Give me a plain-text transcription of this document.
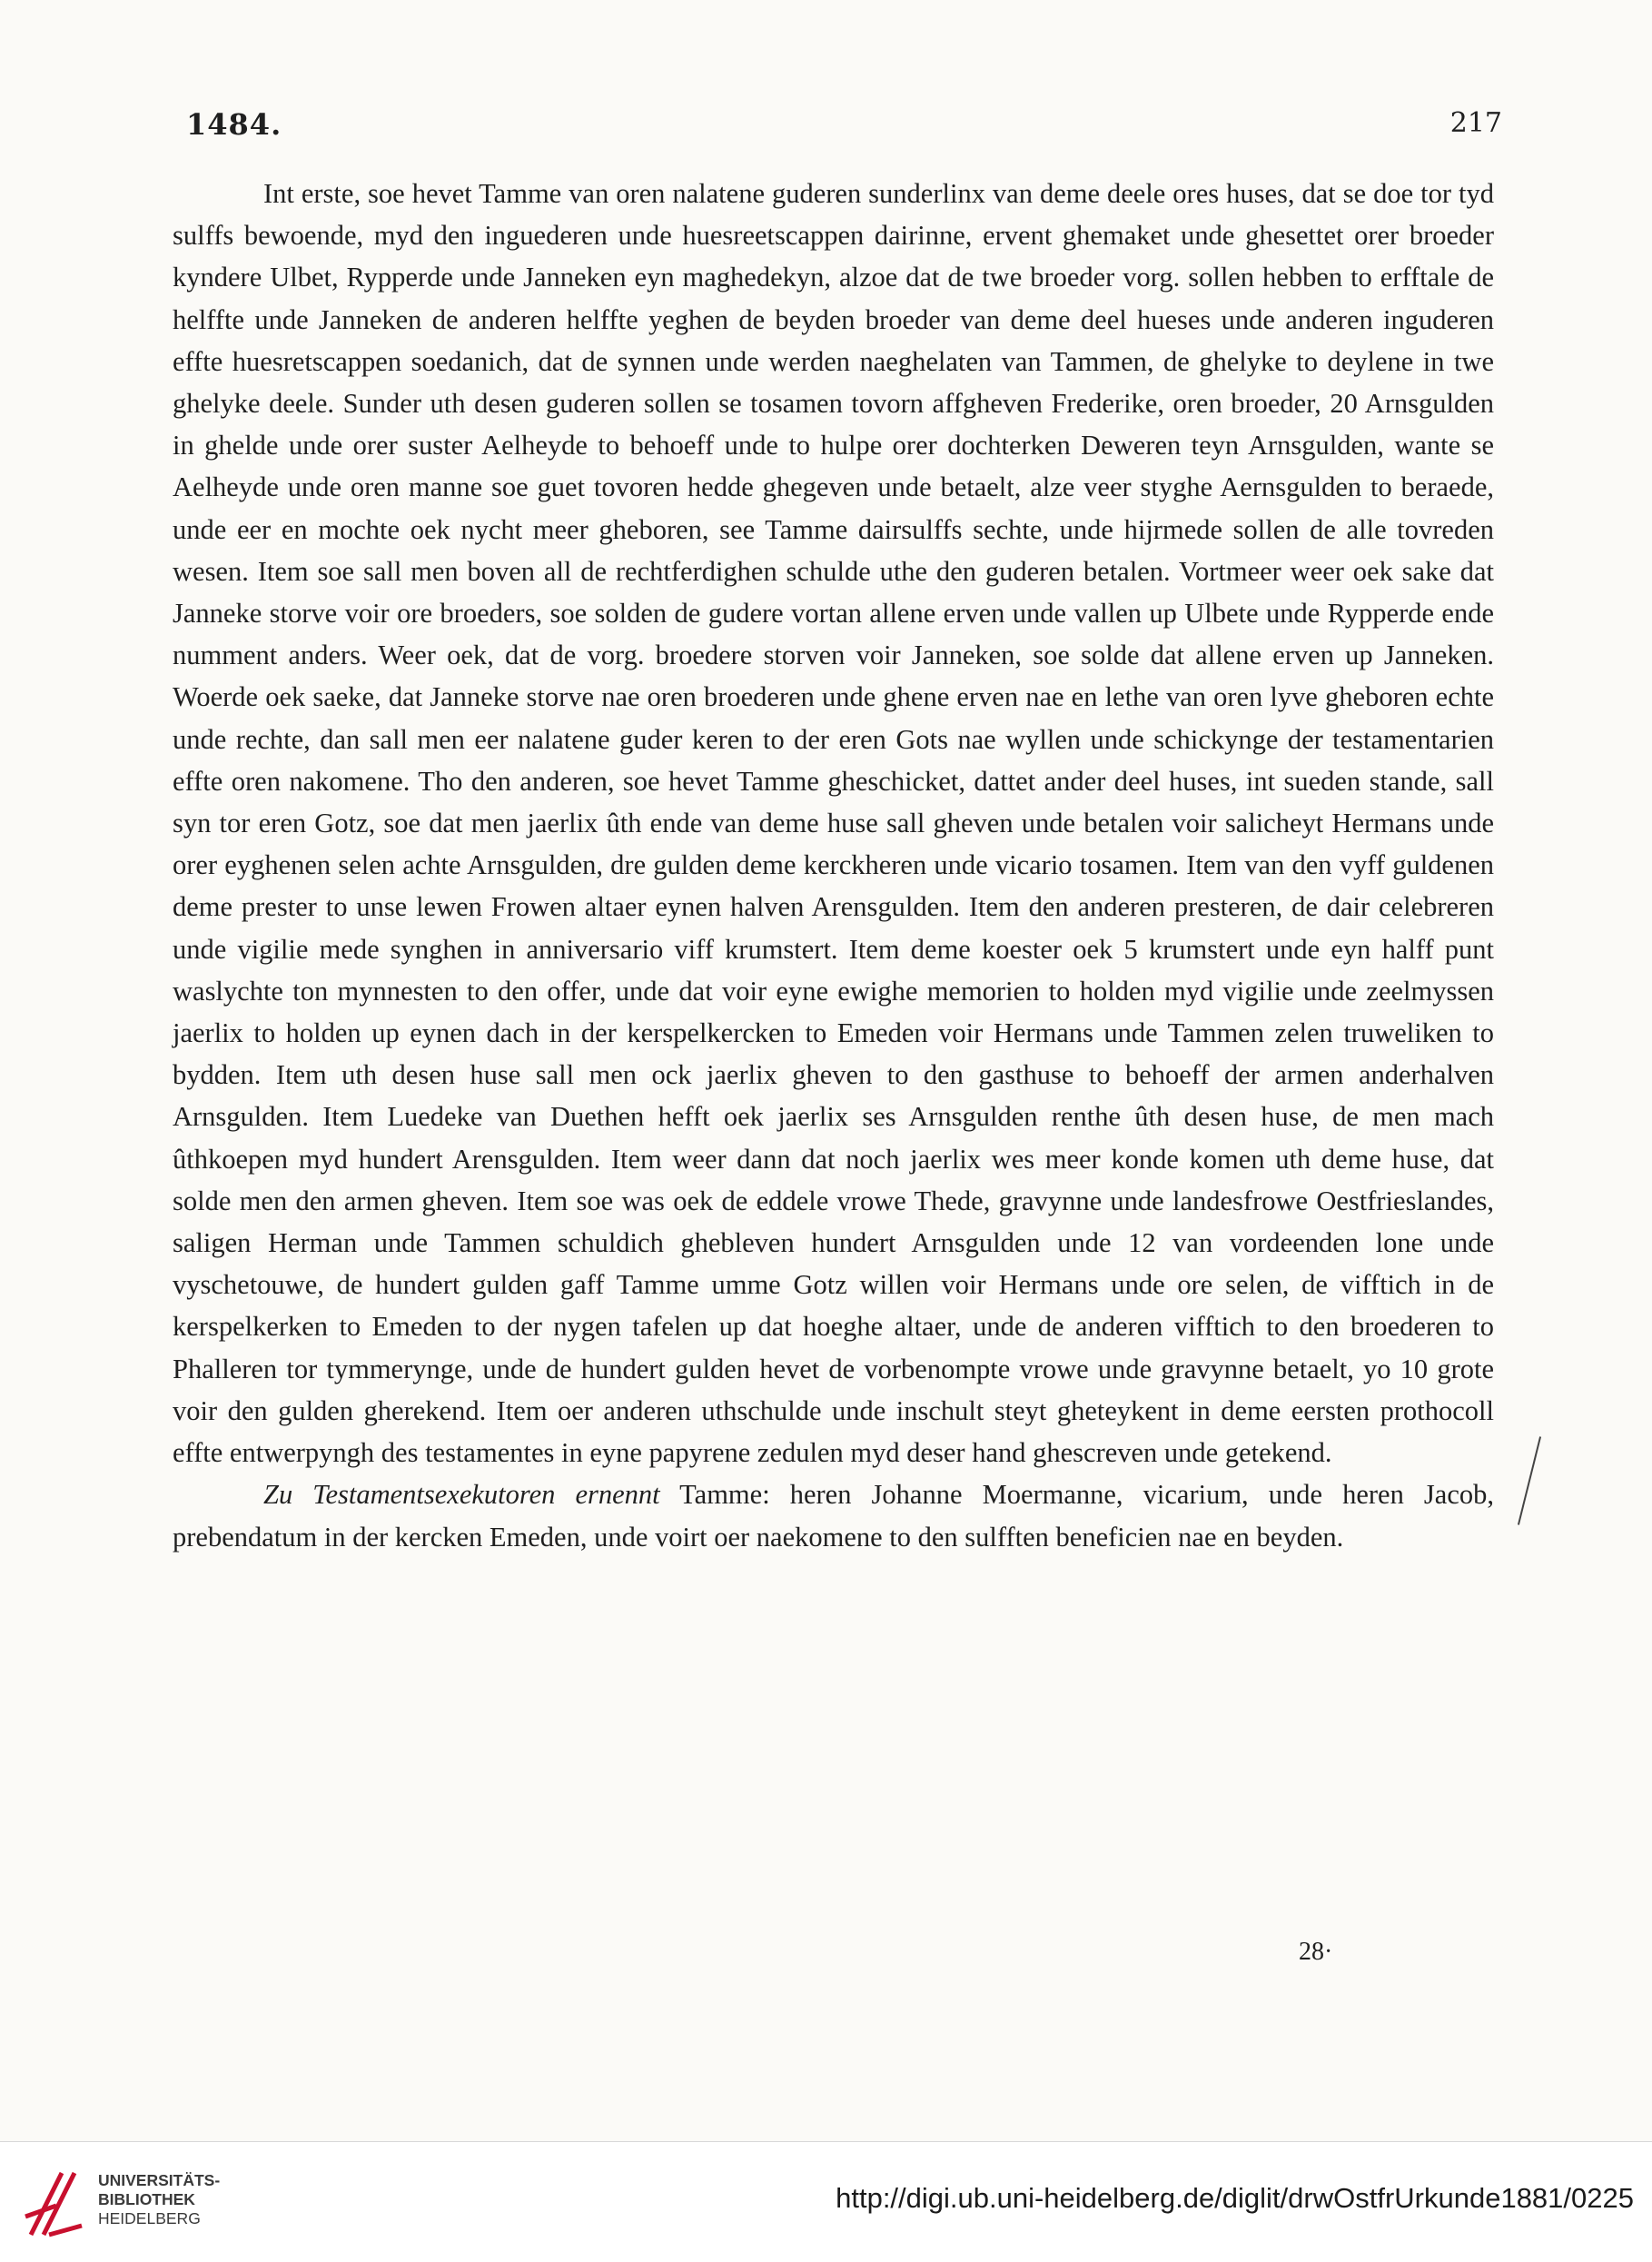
1484.	217

Int erste, soe hevet Tamme van oren nalatene guderen sunderlinx van deme deele ores huses, dat se doe tor tyd sulffs bewoende, myd den inguederen unde huesreetscappen dairinne, ervent ghemaket unde ghesettet orer broeder kyndere Ulbet, Rypperde unde Janneken eyn maghedekyn, alzoe dat de twe broeder vorg. sollen hebben to erfftale de helffte unde Janneken de anderen helffte yeghen de beyden broeder van deme deel hueses unde anderen inguderen effte huesretscappen soedanich, dat de synnen unde werden naeghelaten van Tammen, de ghelyke to deylene in twe ghelyke deele. Sunder uth desen guderen sollen se tosamen tovorn affgheven Frederike, oren broeder, 20 Arnsgulden in ghelde unde orer suster Aelheyde to behoeff unde to hulpe orer dochterken Deweren teyn Arnsgulden, wante se Aelheyde unde oren manne soe guet tovoren hedde ghegeven unde betaelt, alze veer styghe Aernsgulden to beraede, unde eer en mochte oek nycht meer gheboren, see Tamme dairsulffs sechte, unde hijrmede sollen de alle tovreden wesen. Item soe sall men boven all de rechtferdighen schulde uthe den guderen betalen. Vortmeer weer oek sake dat Janneke storve voir ore broeders, soe solden de gudere vortan allene erven unde vallen up Ulbete unde Rypperde ende numment anders. Weer oek, dat de vorg. broedere storven voir Janneken, soe solde dat allene erven up Janneken. Woerde oek saeke, dat Janneke storve nae oren broederen unde ghene erven nae en lethe van oren lyve gheboren echte unde rechte, dan sall men eer nalatene guder keren to der eren Gots nae wyllen unde schickynge der testamentarien effte oren nakomene. Tho den anderen, soe hevet Tamme gheschicket, dattet ander deel huses, int sueden stande, sall syn tor eren Gotz, soe dat men jaerlix ûth ende van deme huse sall gheven unde betalen voir salicheyt Hermans unde orer eyghenen selen achte Arnsgulden, dre gulden deme kerckheren unde vicario tosamen. Item van den vyff guldenen deme prester to unse lewen Frowen altaer eynen halven Arensgulden. Item den anderen presteren, de dair celebreren unde vigilie mede synghen in anniversario viff krumstert. Item deme koester oek 5 krumstert unde eyn halff punt waslychte ton mynnesten to den offer, unde dat voir eyne ewighe memorien to holden myd vigilie unde zeelmyssen jaerlix to holden up eynen dach in der kerspelkercken to Emeden voir Hermans unde Tammen zelen truweliken to bydden. Item uth desen huse sall men ock jaerlix gheven to den gasthuse to behoeff der armen anderhalven Arnsgulden. Item Luedeke van Duethen hefft oek jaerlix ses Arnsgulden renthe ûth desen huse, de men mach ûthkoepen myd hundert Arensgulden. Item weer dann dat noch jaerlix wes meer konde komen uth deme huse, dat solde men den armen gheven. Item soe was oek de eddele vrowe Thede, gravynne unde landesfrowe Oestfrieslandes, saligen Herman unde Tammen schuldich ghebleven hundert Arnsgulden unde 12 van vordeenden lone unde vyschetouwe, de hundert gulden gaff Tamme umme Gotz willen voir Hermans unde ore selen, de vifftich in de kerspelkerken to Emeden to der nygen tafelen up dat hoeghe altaer, unde de anderen vifftich to den broederen to Phalleren tor tymmerynge, unde de hundert gulden hevet de vorbenompte vrowe unde gravynne betaelt, yo 10 grote voir den gulden gherekend. Item oer anderen uthschulde unde inschult steyt gheteykent in deme eersten prothocoll effte entwerpyngh des testamentes in eyne papyrene zedulen myd deser hand ghescreven unde getekend.

Zu Testamentsexekutoren ernennt Tamme: heren Johanne Moermanne, vicarium, unde heren Jacob, prebendatum in der kercken Emeden, unde voirt oer naekomene to den sulfften beneficien nae en beyden.

28·
UNIVERSITÄTS-
BIBLIOTHEK
HEIDELBERG
http://digi.ub.uni-heidelberg.de/diglit/drwOstfrUrkunde1881/0225
